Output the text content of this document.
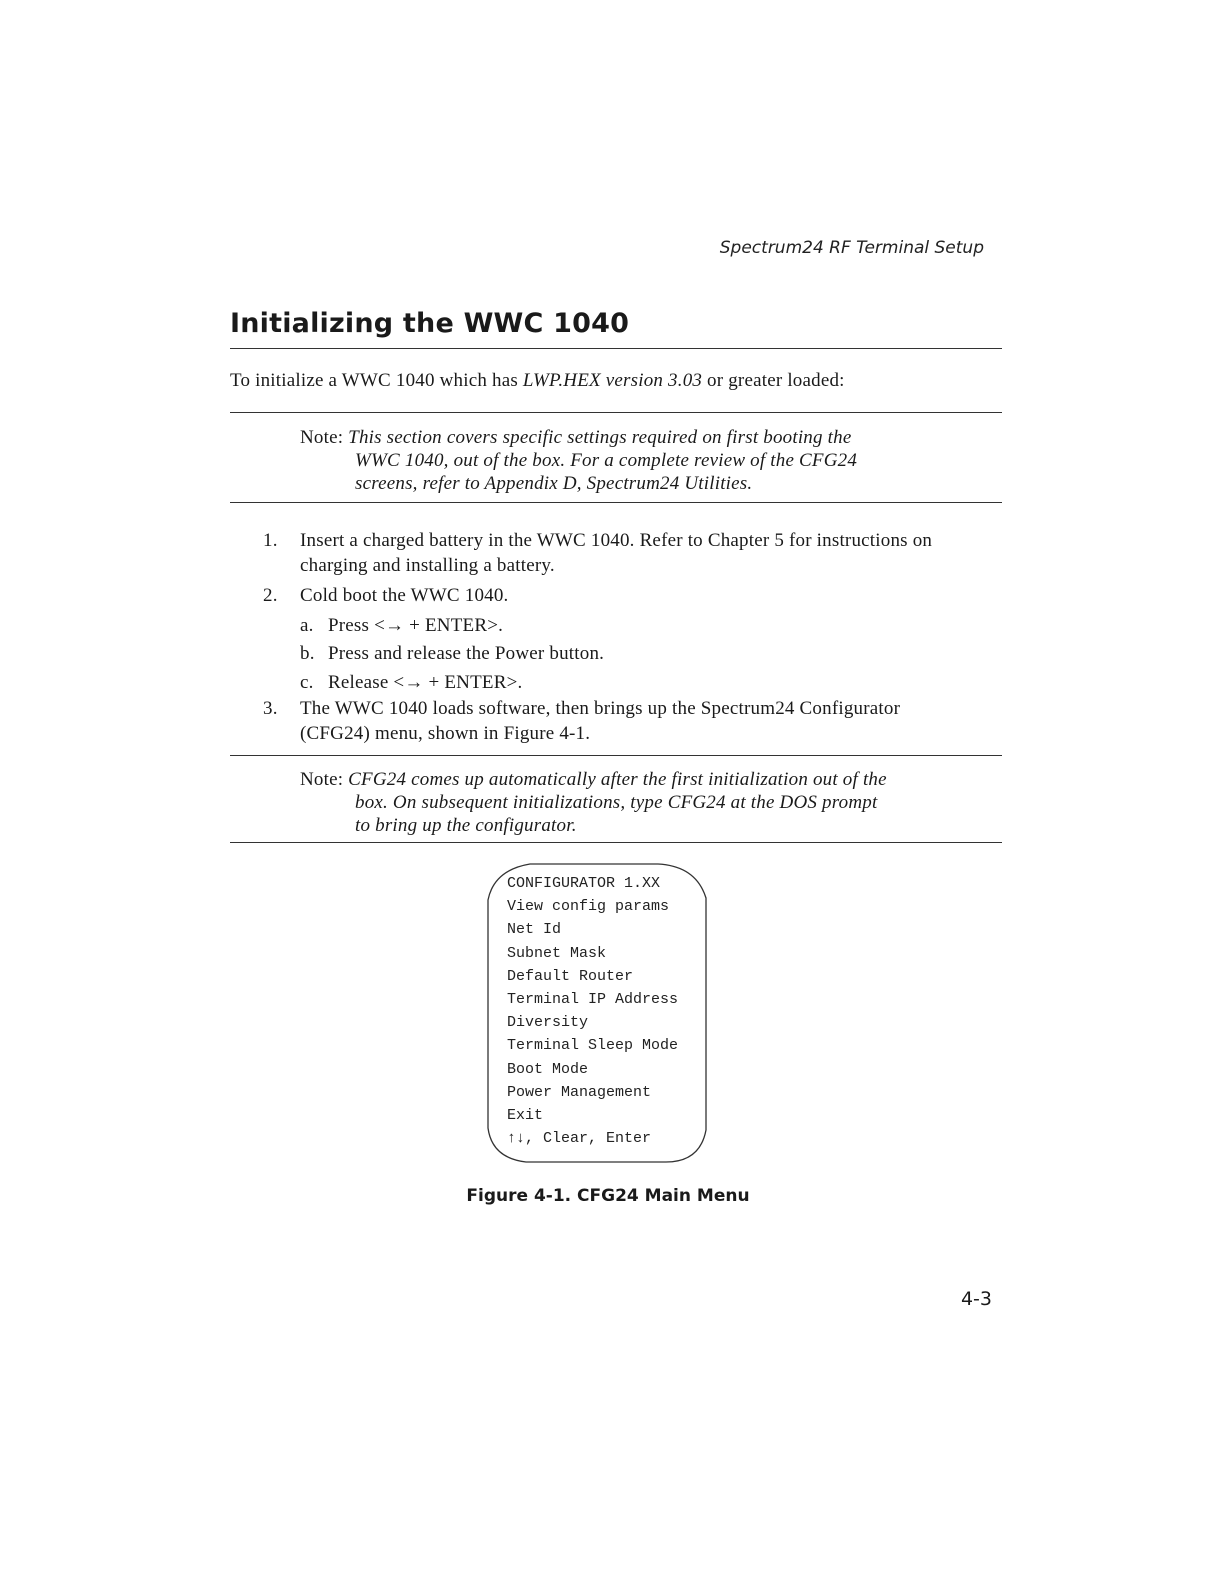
Spectrum24 RF Terminal Setup
Initializing the WWC 1040
To initialize a WWC 1040 which has LWP.HEX version 3.03 or greater loaded:
Note: This section covers specific settings required on first booting the
WWC 1040, out of the box. For a complete review of the CFG24
screens, refer to Appendix D, Spectrum24 Utilities.
1. Insert a charged battery in the WWC 1040. Refer to Chapter 5 for instructions on
charging and installing a battery.
2. Cold boot the WWC 1040.
a. Press <→ + ENTER>.
b. Press and release the Power button.
c. Release <→ + ENTER>.
3. The WWC 1040 loads software, then brings up the Spectrum24 Configurator
(CFG24) menu, shown in Figure 4-1.
Note: CFG24 comes up automatically after the first initialization out of the
box. On subsequent initializations, type CFG24 at the DOS prompt
to bring up the configurator.
CONFIGURATOR 1.XX
View config params
Net Id
Subnet Mask
Default Router
Terminal IP Address
Diversity
Terminal Sleep Mode
Boot Mode
Power Management
Exit
↑↓, Clear, Enter
Figure 4-1. CFG24 Main Menu
4-3
